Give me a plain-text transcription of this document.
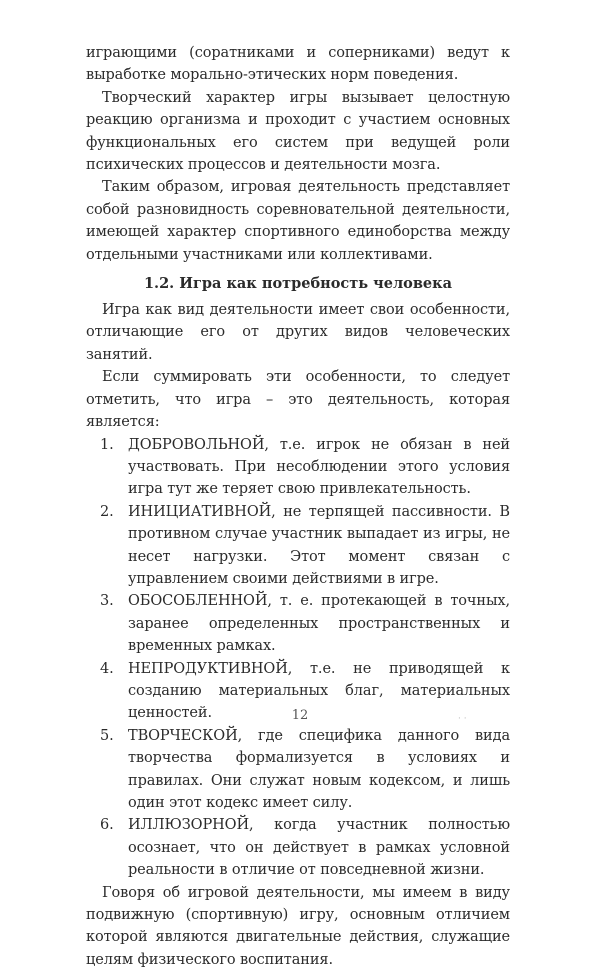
играющими (соратниками и соперниками) ведут к выработке морально-этических норм поведения.

Творческий характер игры вызывает целостную реакцию организма и проходит с участием основных функциональных его систем при ведущей роли психических процессов и деятельности мозга.

Таким образом, игровая деятельность представляет собой разновидность соревновательной деятельности, имеющей характер спортивного единоборства между отдельными участниками или коллективами.

1.2. Игра как потребность человека

Игра как вид деятельности имеет свои особенности, отличающие его от других видов человеческих занятий.

Если суммировать эти особенности, то следует отметить, что игра – это деятельность, которая является:

1. ДОБРОВОЛЬНОЙ, т.е. игрок не обязан в ней участвовать. При несоблюдении этого условия игра тут же теряет свою привлекательность.
2. ИНИЦИАТИВНОЙ, не терпящей пассивности. В противном случае участник выпадает из игры, не несет нагрузки. Этот момент связан с управлением своими действиями в игре.
3. ОБОСОБЛЕННОЙ, т. е. протекающей в точных, заранее определенных пространственных и временных рамках.
4. НЕПРОДУКТИВНОЙ, т.е. не приводящей к созданию материальных благ, материальных ценностей.
5. ТВОРЧЕСКОЙ, где специфика данного вида творчества формализуется в условиях и правилах. Они служат новым кодексом, и лишь один этот кодекс имеет силу.
6. ИЛЛЮЗОРНОЙ, когда участник полностью осознает, что он действует в рамках условной реальности в отличие от повседневной жизни.

Говоря об игровой деятельности, мы имеем в виду подвижную (спортивную) игру, основным отличием которой являются двигательные действия, служащие целям физического воспитания.

12	· ·
